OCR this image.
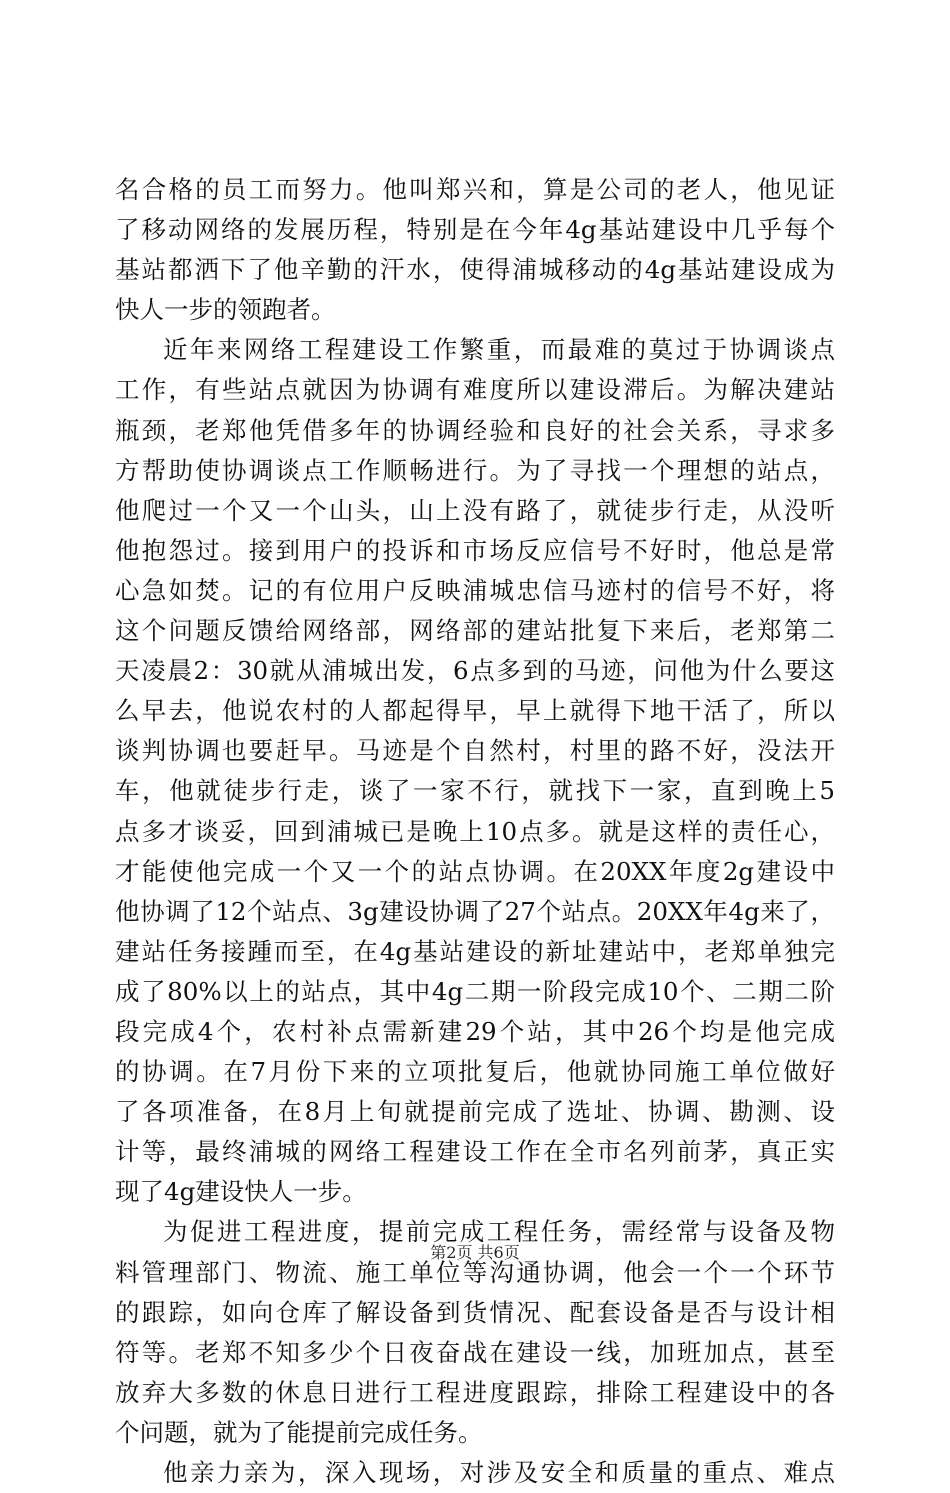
名合格的员工而努力。他叫郑兴和，算是公司的老人，他见证
了移动网络的发展历程，特别是在今年4g基站建设中几乎每个
基站都洒下了他辛勤的汗水，使得浦城移动的4g基站建设成为
快人一步的领跑者。
近年来网络工程建设工作繁重，而最难的莫过于协调谈点
工作，有些站点就因为协调有难度所以建设滞后。为解决建站
瓶颈，老郑他凭借多年的协调经验和良好的社会关系，寻求多
方帮助使协调谈点工作顺畅进行。为了寻找一个理想的站点，
他爬过一个又一个山头，山上没有路了，就徒步行走，从没听
他抱怨过。接到用户的投诉和市场反应信号不好时，他总是常
心急如焚。记的有位用户反映浦城忠信马迹村的信号不好，将
这个问题反馈给网络部，网络部的建站批复下来后，老郑第二
天凌晨2：30就从浦城出发，6点多到的马迹，问他为什么要这
么早去，他说农村的人都起得早，早上就得下地干活了，所以
谈判协调也要赶早。马迹是个自然村，村里的路不好，没法开
车，他就徒步行走，谈了一家不行，就找下一家，直到晚上5
点多才谈妥，回到浦城已是晚上10点多。就是这样的责任心，
才能使他完成一个又一个的站点协调。在20XX年度2g建设中
他协调了12个站点、3g建设协调了27个站点。20XX年4g来了，
建站任务接踵而至，在4g基站建设的新址建站中，老郑单独完
成了80%以上的站点，其中4g二期一阶段完成10个、二期二阶
段完成4个，农村补点需新建29个站，其中26个均是他完成
的协调。在7月份下来的立项批复后，他就协同施工单位做好
了各项准备，在8月上旬就提前完成了选址、协调、勘测、设
计等，最终浦城的网络工程建设工作在全市名列前茅，真正实
现了4g建设快人一步。
为促进工程进度，提前完成工程任务，需经常与设备及物
料管理部门、物流、施工单位等沟通协调，他会一个一个环节
的跟踪，如向仓库了解设备到货情况、配套设备是否与设计相
符等。老郑不知多少个日夜奋战在建设一线，加班加点，甚至
放弃大多数的休息日进行工程进度跟踪，排除工程建设中的各
个问题，就为了能提前完成任务。
他亲力亲为，深入现场，对涉及安全和质量的重点、难点
第2页 共6页
